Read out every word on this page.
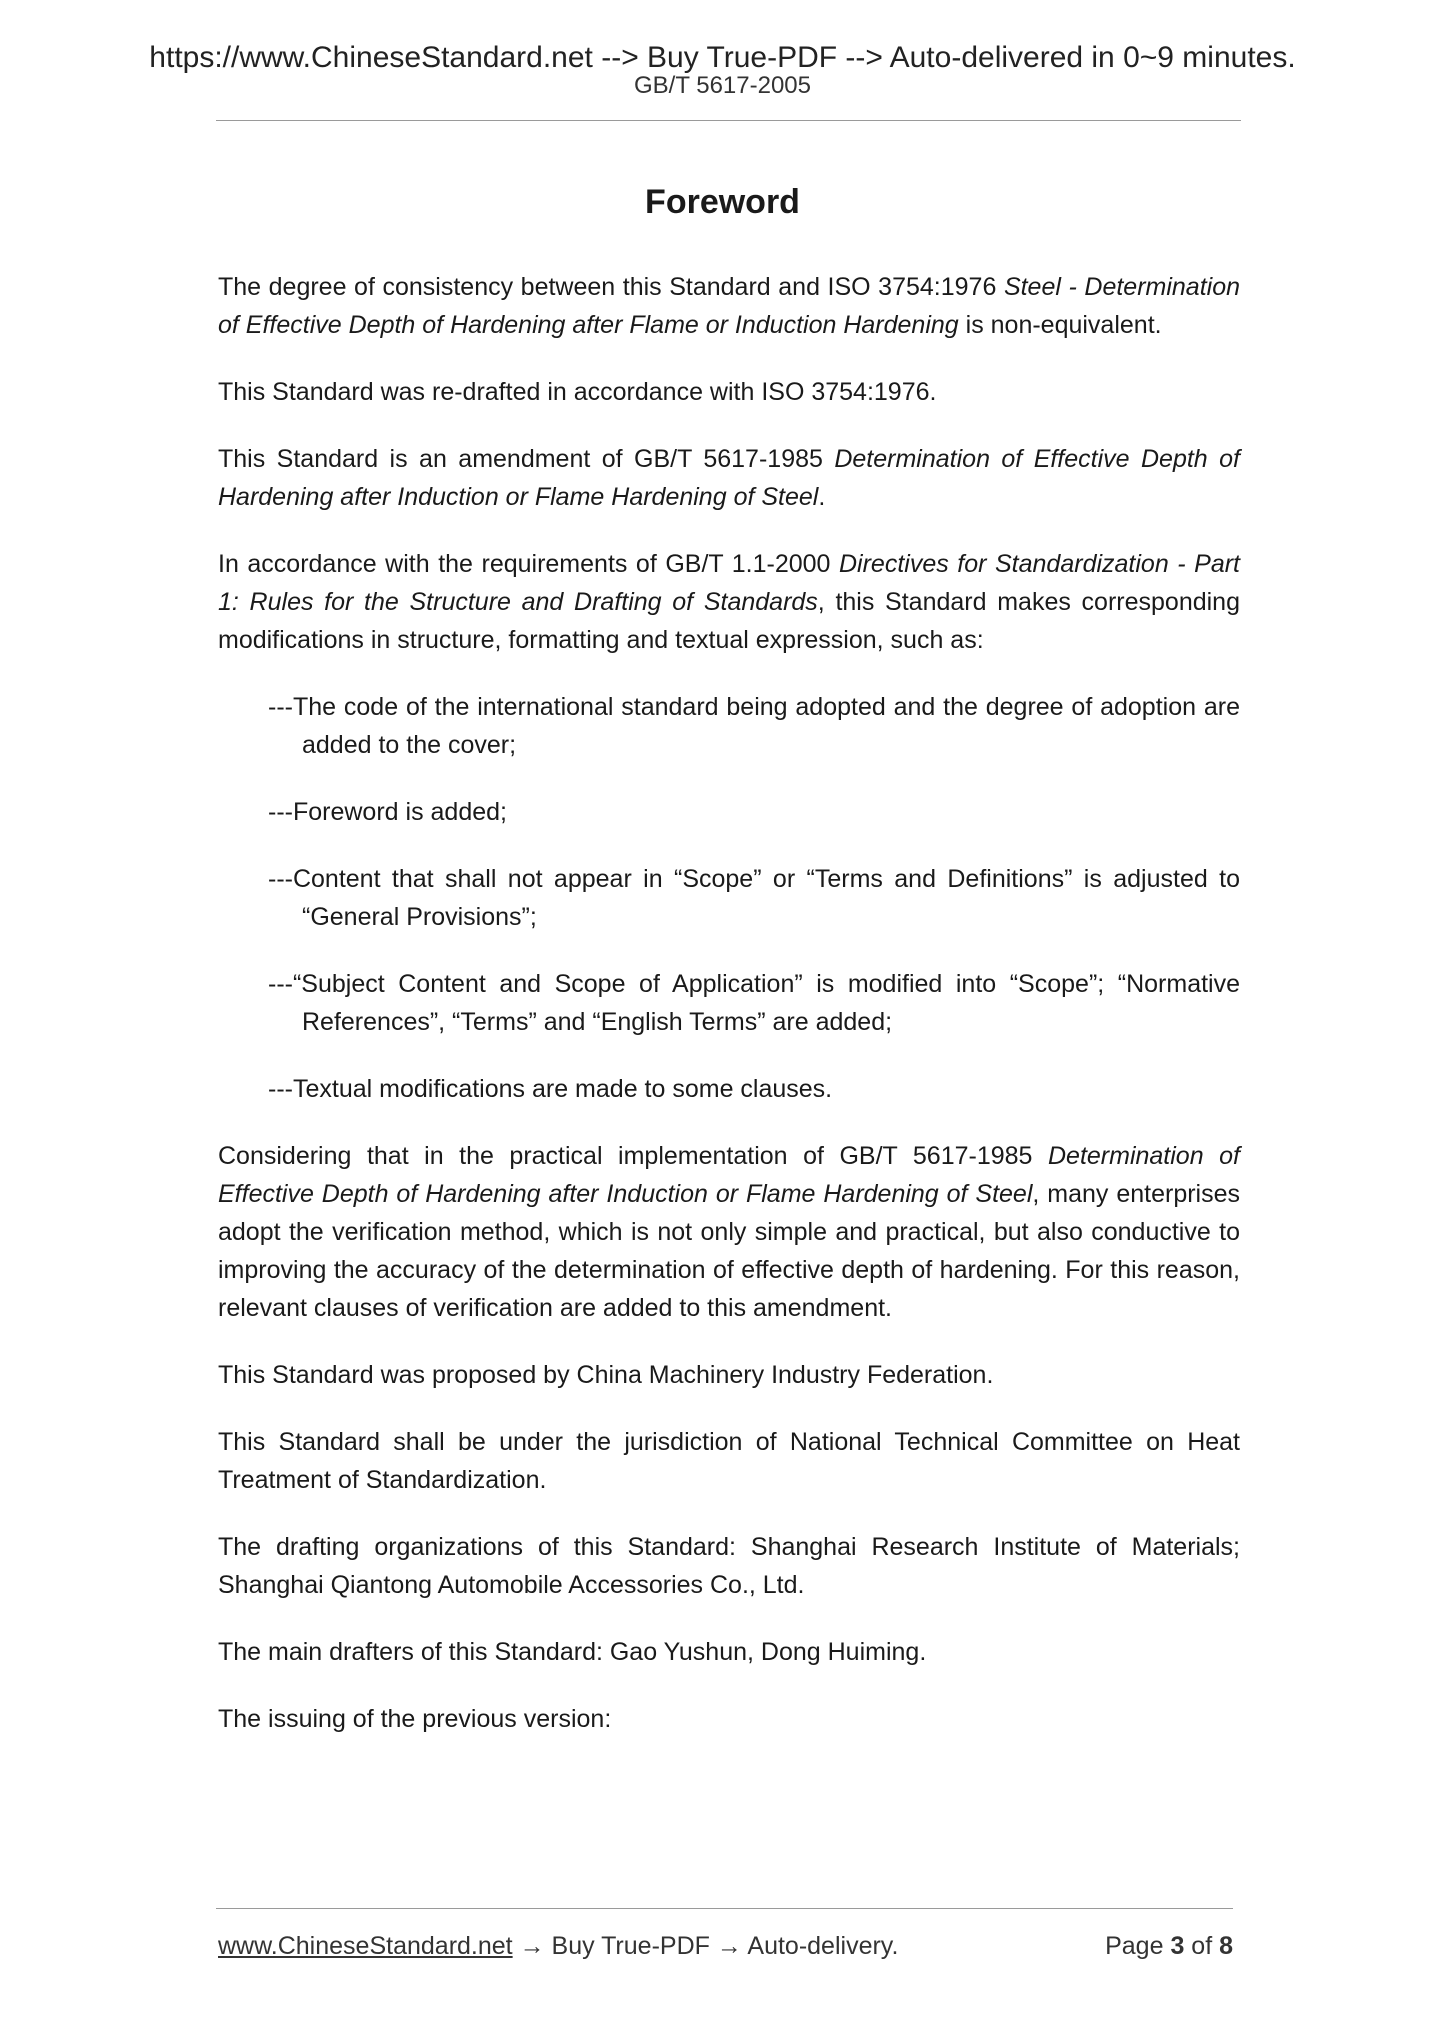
https://www.ChineseStandard.net --> Buy True-PDF --> Auto-delivered in 0~9 minutes.
GB/T 5617-2005
Foreword

The degree of consistency between this Standard and ISO 3754:1976 Steel - Determination of Effective Depth of Hardening after Flame or Induction Hardening is non-equivalent.

This Standard was re-drafted in accordance with ISO 3754:1976.

This Standard is an amendment of GB/T 5617-1985 Determination of Effective Depth of Hardening after Induction or Flame Hardening of Steel.

In accordance with the requirements of GB/T 1.1-2000 Directives for Standardization - Part 1: Rules for the Structure and Drafting of Standards, this Standard makes corresponding modifications in structure, formatting and textual expression, such as:

---The code of the international standard being adopted and the degree of adoption are added to the cover;

---Foreword is added;

---Content that shall not appear in “Scope” or “Terms and Definitions” is adjusted to “General Provisions”;

---“Subject Content and Scope of Application” is modified into “Scope”; “Normative References”, “Terms” and “English Terms” are added;

---Textual modifications are made to some clauses.

Considering that in the practical implementation of GB/T 5617-1985 Determination of Effective Depth of Hardening after Induction or Flame Hardening of Steel, many enterprises adopt the verification method, which is not only simple and practical, but also conductive to improving the accuracy of the determination of effective depth of hardening. For this reason, relevant clauses of verification are added to this amendment.

This Standard was proposed by China Machinery Industry Federation.

This Standard shall be under the jurisdiction of National Technical Committee on Heat Treatment of Standardization.

The drafting organizations of this Standard: Shanghai Research Institute of Materials; Shanghai Qiantong Automobile Accessories Co., Ltd.

The main drafters of this Standard: Gao Yushun, Dong Huiming.

The issuing of the previous version:

www.ChineseStandard.net → Buy True-PDF → Auto-delivery.	Page 3 of 8
